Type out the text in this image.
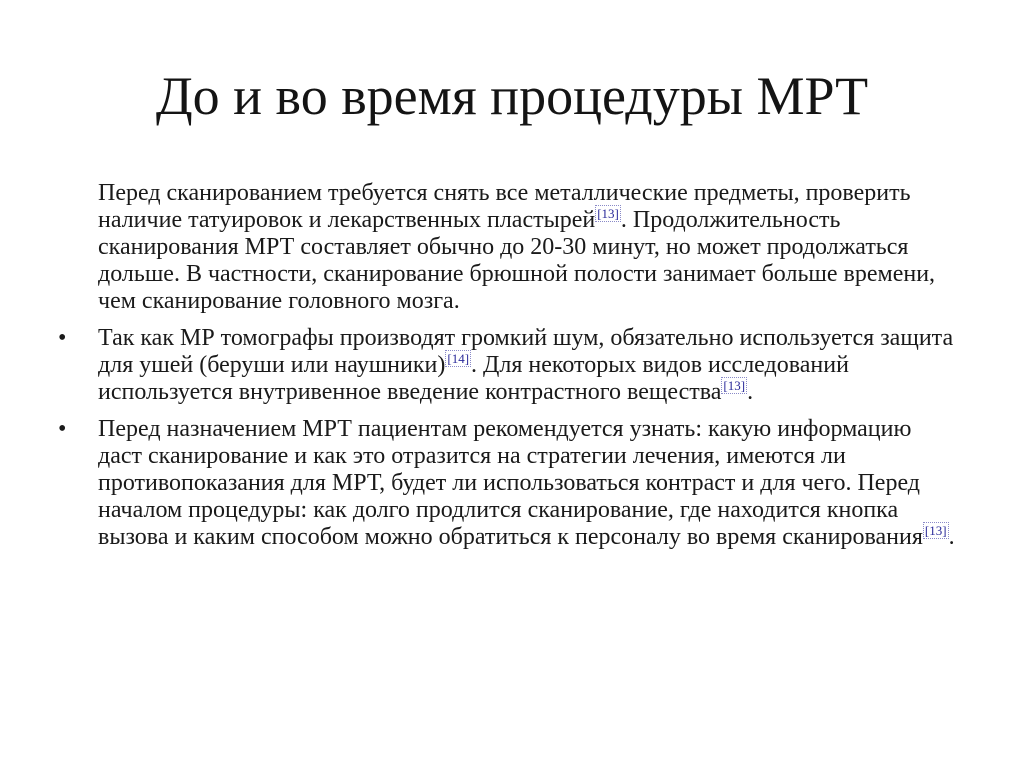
До и во время процедуры МРТ

Перед сканированием требуется снять все металлические предметы, проверить наличие татуировок и лекарственных пластырей [13]. Продолжительность сканирования МРТ составляет обычно до 20-30 минут, но может продолжаться дольше. В частности, сканирование брюшной полости занимает больше времени, чем сканирование головного мозга.

•	Так как МР томографы производят громкий шум, обязательно используется защита для ушей (беруши или наушники) [14]. Для некоторых видов исследований используется внутривенное введение контрастного вещества [13].

•	Перед назначением МРТ пациентам рекомендуется узнать: какую информацию даст сканирование и как это отразится на стратегии лечения, имеются ли противопоказания для МРТ, будет ли использоваться контраст и для чего. Перед началом процедуры: как долго продлится сканирование, где находится кнопка вызова и каким способом можно обратиться к персоналу во время сканирования [13].
